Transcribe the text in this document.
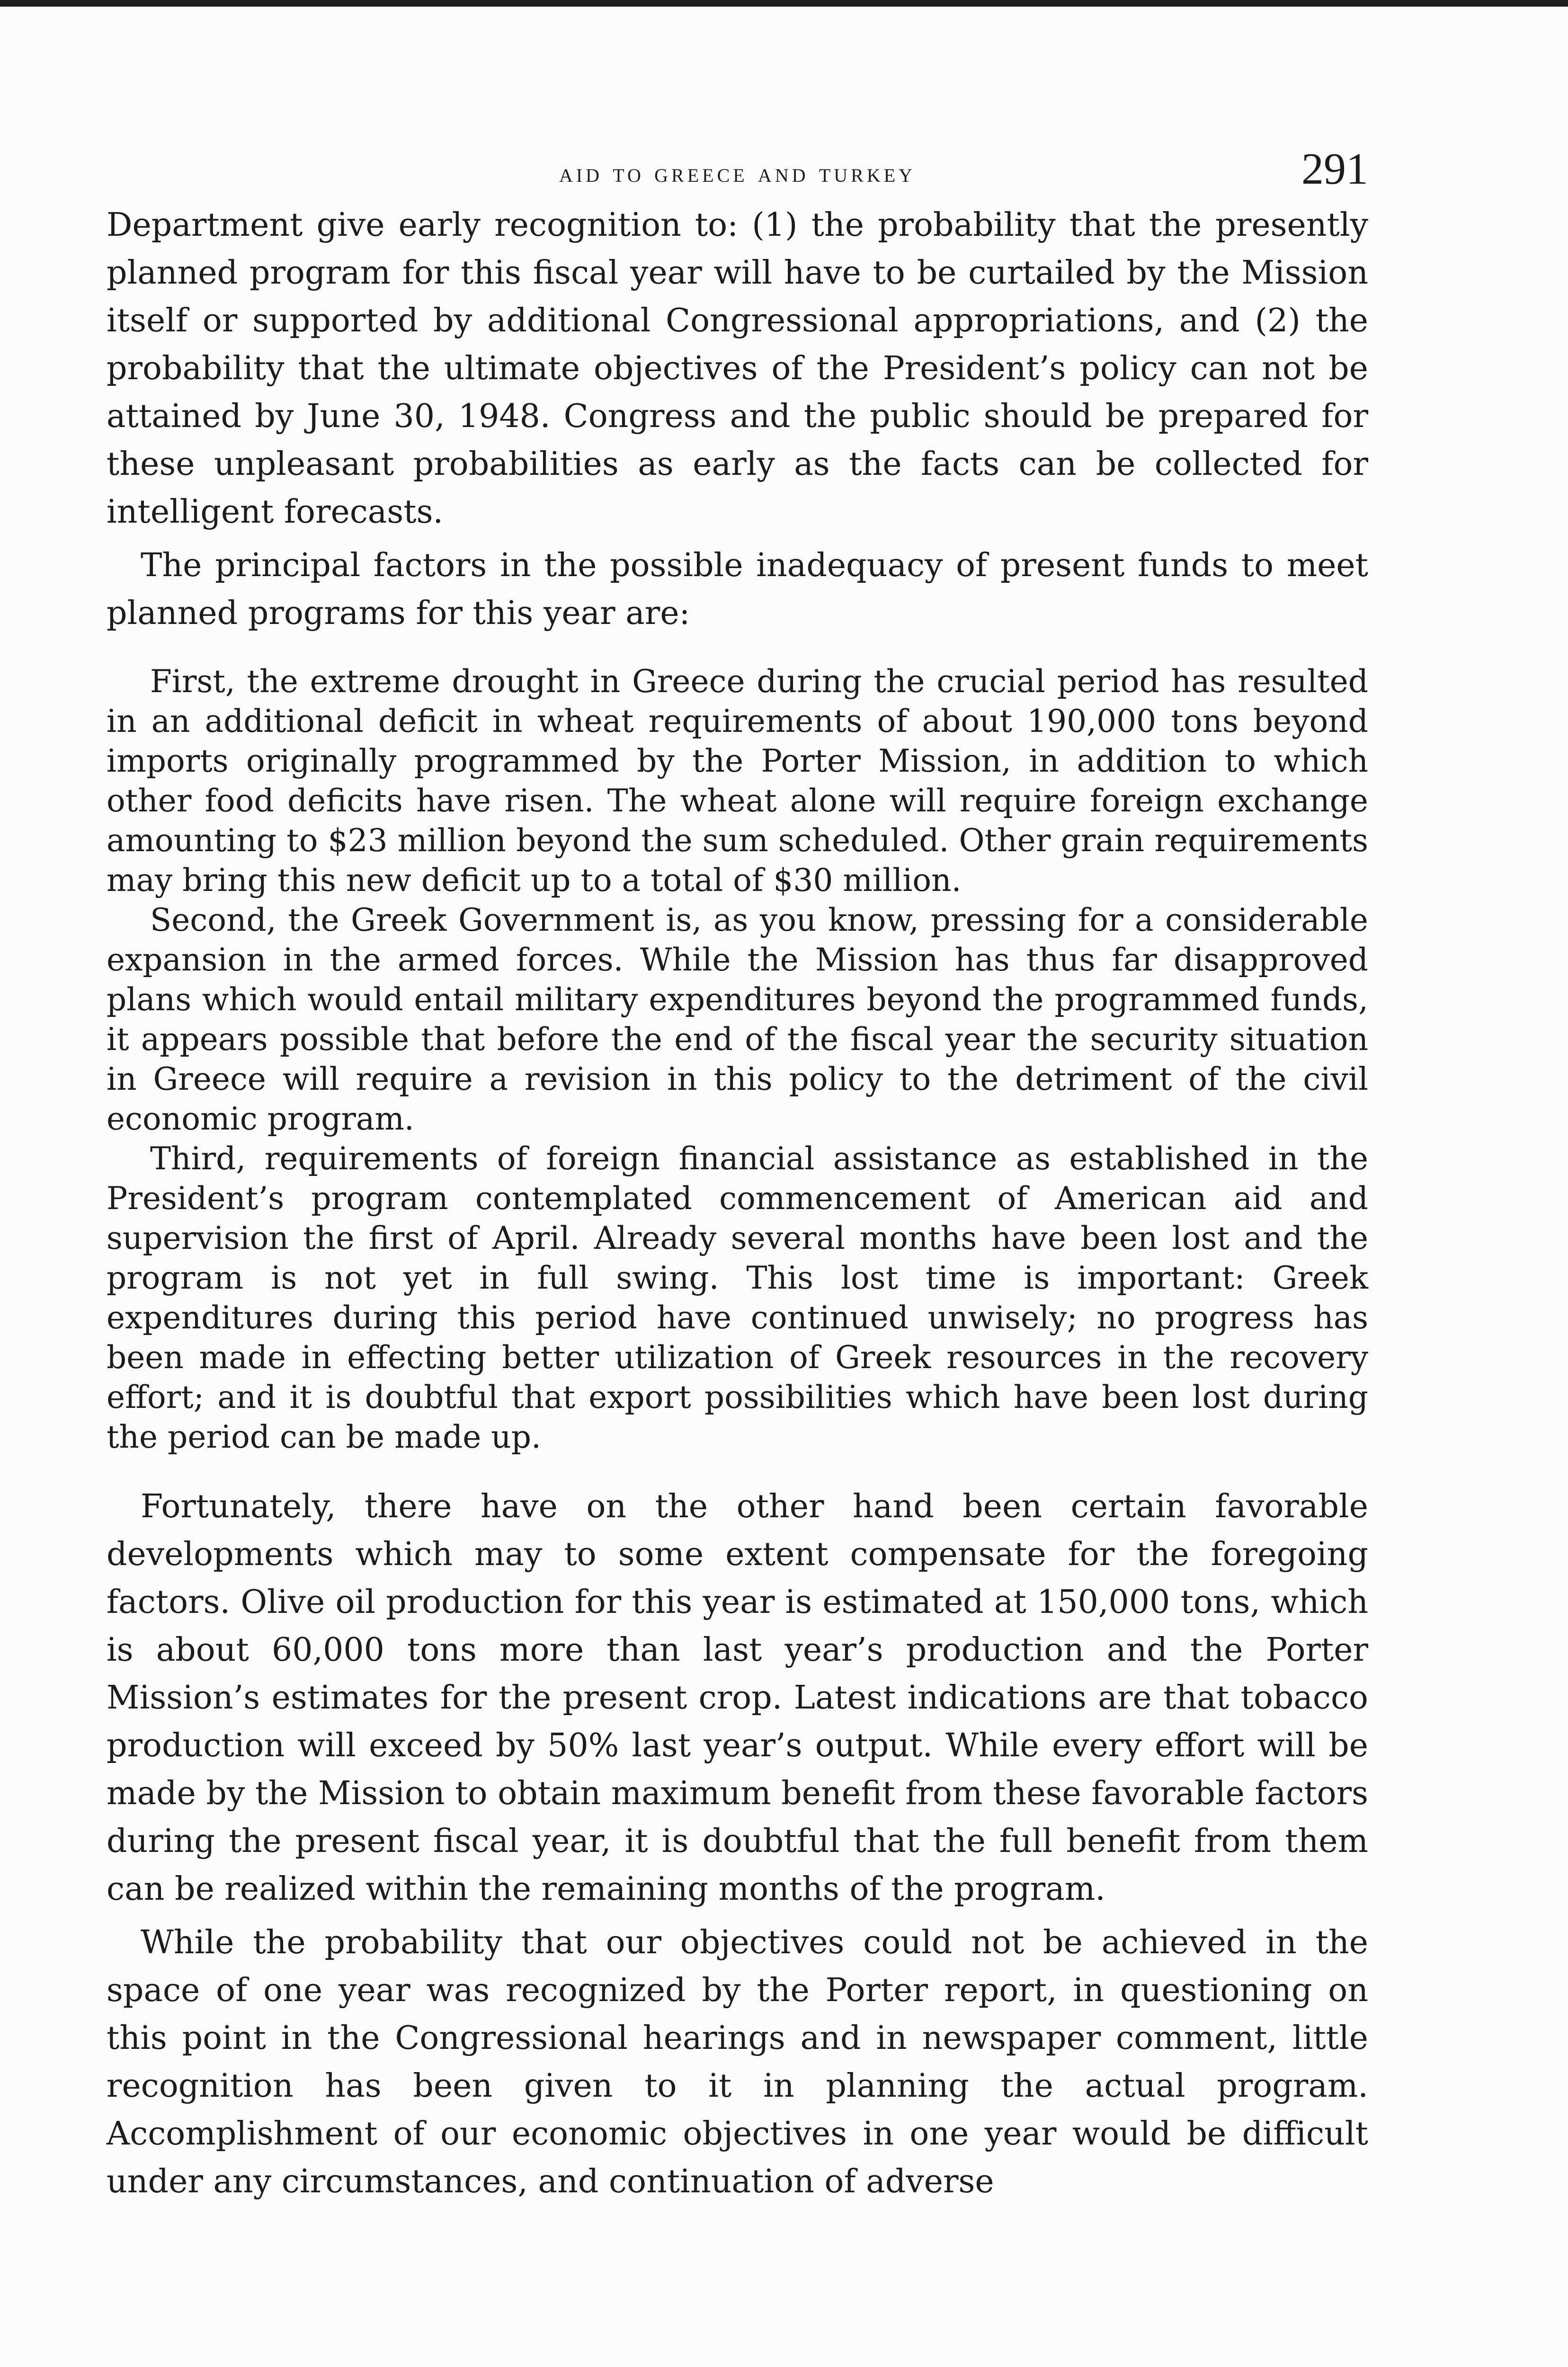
aid to greece and turkey	291

Department give early recognition to: (1) the probability that the presently planned program for this fiscal year will have to be curtailed by the Mission itself or supported by additional Congressional appropriations, and (2) the probability that the ultimate objectives of the President’s policy can not be attained by June 30, 1948. Congress and the public should be prepared for these unpleasant probabilities as early as the facts can be collected for intelligent forecasts.

The principal factors in the possible inadequacy of present funds to meet planned programs for this year are:

First, the extreme drought in Greece during the crucial period has resulted in an additional deficit in wheat requirements of about 190,000 tons beyond imports originally programmed by the Porter Mission, in addition to which other food deficits have risen. The wheat alone will require foreign exchange amounting to $23 million beyond the sum scheduled. Other grain requirements may bring this new deficit up to a total of $30 million.

Second, the Greek Government is, as you know, pressing for a considerable expansion in the armed forces. While the Mission has thus far disapproved plans which would entail military expenditures beyond the programmed funds, it appears possible that before the end of the fiscal year the security situation in Greece will require a revision in this policy to the detriment of the civil economic program.

Third, requirements of foreign financial assistance as established in the President’s program contemplated commencement of American aid and supervision the first of April. Already several months have been lost and the program is not yet in full swing. This lost time is important: Greek expenditures during this period have continued unwisely; no progress has been made in effecting better utilization of Greek resources in the recovery effort; and it is doubtful that export possibilities which have been lost during the period can be made up.

Fortunately, there have on the other hand been certain favorable developments which may to some extent compensate for the foregoing factors. Olive oil production for this year is estimated at 150,000 tons, which is about 60,000 tons more than last year’s production and the Porter Mission’s estimates for the present crop. Latest indications are that tobacco production will exceed by 50% last year’s output. While every effort will be made by the Mission to obtain maximum benefit from these favorable factors during the present fiscal year, it is doubtful that the full benefit from them can be realized within the remaining months of the program.

While the probability that our objectives could not be achieved in the space of one year was recognized by the Porter report, in questioning on this point in the Congressional hearings and in newspaper comment, little recognition has been given to it in planning the actual program. Accomplishment of our economic objectives in one year would be difficult under any circumstances, and continuation of adverse
